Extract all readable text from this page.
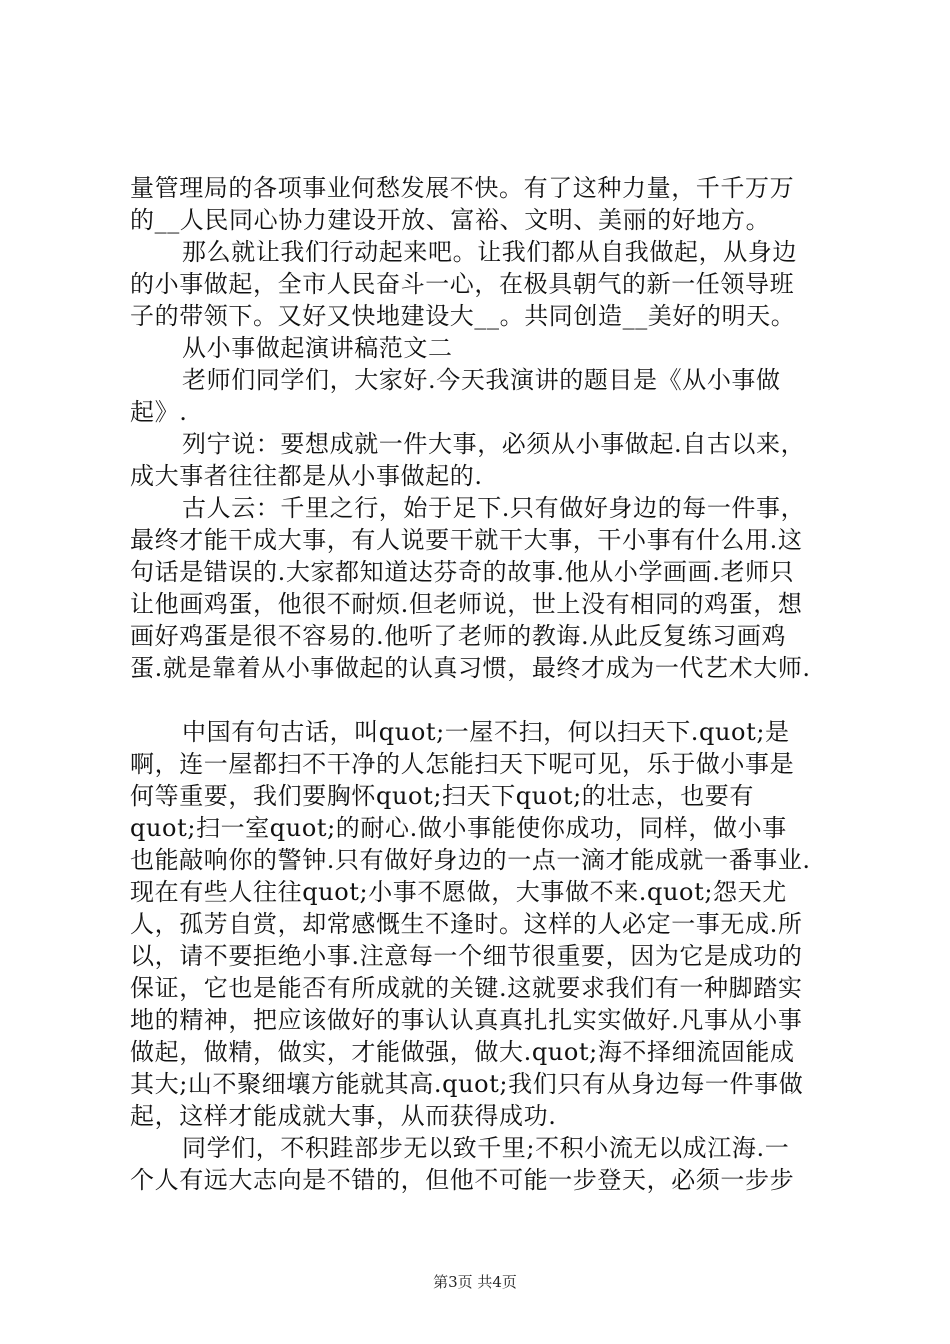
量管理局的各项事业何愁发展不快。有了这种力量，千千万万
的__人民同心协力建设开放、富裕、文明、美丽的好地方。
那么就让我们行动起来吧。让我们都从自我做起，从身边
的小事做起，全市人民奋斗一心，在极具朝气的新一任领导班
子的带领下。又好又快地建设大__。共同创造__美好的明天。
从小事做起演讲稿范文二
老师们同学们，大家好.今天我演讲的题目是《从小事做
起》.
列宁说：要想成就一件大事，必须从小事做起.自古以来，
成大事者往往都是从小事做起的.
古人云：千里之行，始于足下.只有做好身边的每一件事，
最终才能干成大事，有人说要干就干大事，干小事有什么用.这
句话是错误的.大家都知道达芬奇的故事.他从小学画画.老师只
让他画鸡蛋，他很不耐烦.但老师说，世上没有相同的鸡蛋，想
画好鸡蛋是很不容易的.他听了老师的教诲.从此反复练习画鸡
蛋.就是靠着从小事做起的认真习惯，最终才成为一代艺术大师.
中国有句古话，叫quot;一屋不扫，何以扫天下.quot;是
啊，连一屋都扫不干净的人怎能扫天下呢可见，乐于做小事是
何等重要，我们要胸怀quot;扫天下quot;的壮志，也要有
quot;扫一室quot;的耐心.做小事能使你成功，同样，做小事
也能敲响你的警钟.只有做好身边的一点一滴才能成就一番事业.
现在有些人往往quot;小事不愿做，大事做不来.quot;怨天尤
人，孤芳自赏，却常感慨生不逢时。这样的人必定一事无成.所
以，请不要拒绝小事.注意每一个细节很重要，因为它是成功的
保证，它也是能否有所成就的关键.这就要求我们有一种脚踏实
地的精神，把应该做好的事认认真真扎扎实实做好.凡事从小事
做起，做精，做实，才能做强，做大.quot;海不择细流固能成
其大;山不聚细壤方能就其高.quot;我们只有从身边每一件事做
起，这样才能成就大事，从而获得成功.
同学们，不积跬部步无以致千里;不积小流无以成江海.一
个人有远大志向是不错的，但他不可能一步登天，必须一步步
第3页 共4页
